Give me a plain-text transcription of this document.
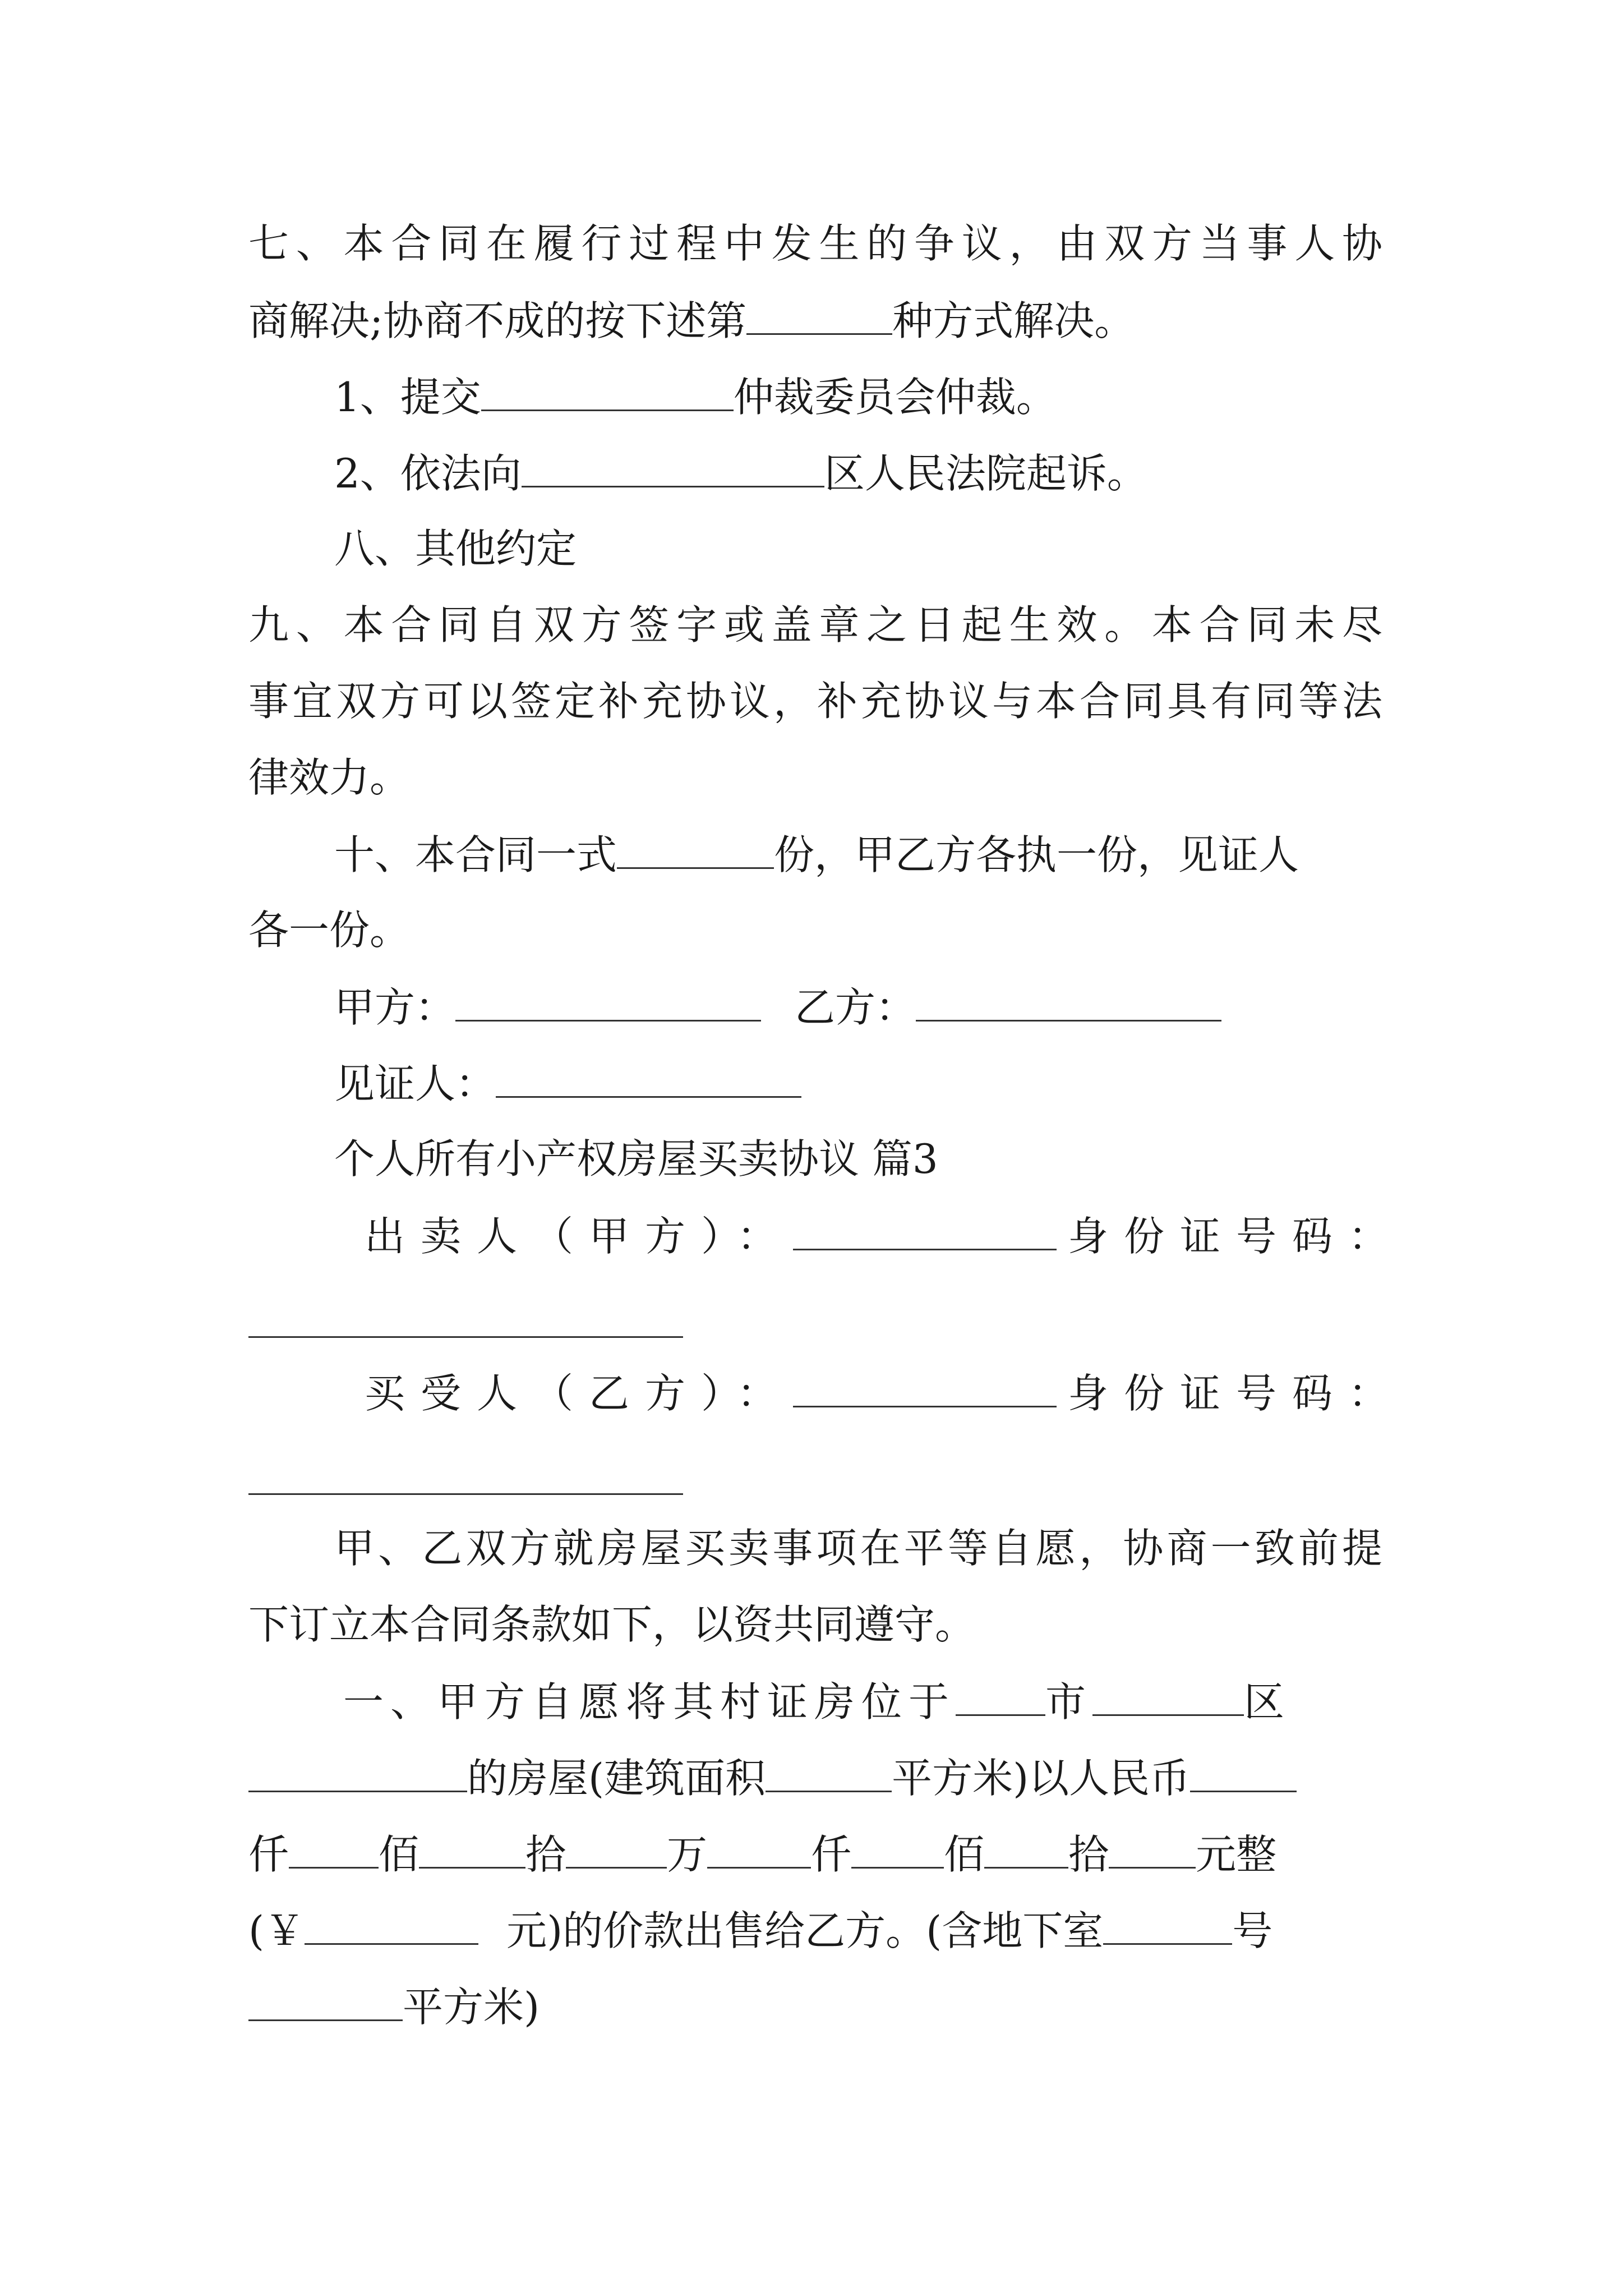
七、本合同在履行过程中发生的争议，由双方当事人协
商解决;协商不成的按下述第	种方式解决。
1、提交	仲裁委员会仲裁。
2、依法向	区人民法院起诉。
八、其他约定
九、本合同自双方签字或盖章之日起生效。本合同未尽
事宜双方可以签定补充协议，补充协议与本合同具有同等法
律效力。
十、本合同一式	份，甲乙方各执一份，见证人
各一份。
甲方：	乙方：
见证人：
个人所有小产权房屋买卖协议 篇3
出卖人（甲方）：	身份证号码：
买受人（乙方）：	身份证号码：
甲、乙双方就房屋买卖事项在平等自愿，协商一致前提
下订立本合同条款如下，以资共同遵守。
一、甲方自愿将其村证房位于 市	区
的房屋(建筑面积	平方米)以人民币
仟 佰	拾	万	仟 佰 拾 元整
(￥	元)的价款出售给乙方。(含地下室	号
平方米)
